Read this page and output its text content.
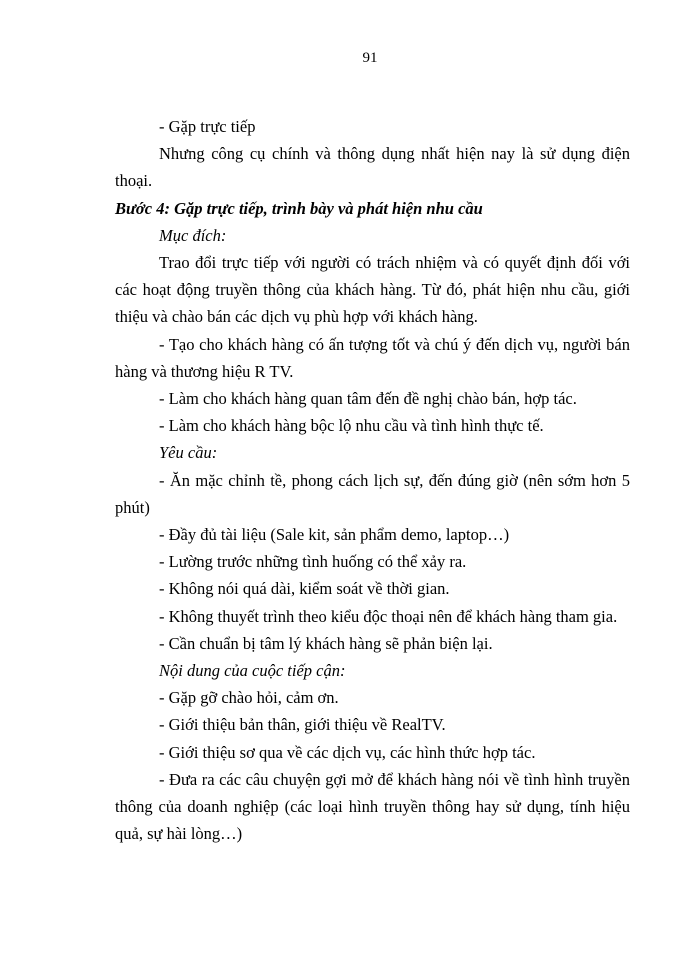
91

- Gặp trực tiếp

Nhưng công cụ chính và thông dụng nhất hiện nay là sử dụng điện thoại.

Bước 4: Gặp trực tiếp, trình bày và phát hiện nhu cầu

Mục đích:

Trao đổi trực tiếp với người có trách nhiệm và có quyết định đối với các hoạt động truyền thông của khách hàng. Từ đó, phát hiện nhu cầu, giới thiệu và chào bán các dịch vụ phù hợp với khách hàng.

- Tạo cho khách hàng có ấn tượng tốt và chú ý đến dịch vụ, người bán hàng và thương hiệu R TV.

- Làm cho khách hàng quan tâm đến đề nghị chào bán, hợp tác.

- Làm cho khách hàng bộc lộ nhu cầu và tình hình thực tế.

Yêu cầu:

- Ăn mặc chỉnh tề, phong cách lịch sự, đến đúng giờ (nên sớm hơn 5 phút)

- Đầy đủ tài liệu (Sale kit, sản phẩm demo, laptop…)

- Lường trước những tình huống có thể xảy ra.

- Không nói quá dài, kiểm soát về thời gian.

- Không thuyết trình theo kiểu độc thoại nên để khách hàng tham gia.

- Cần chuẩn bị tâm lý khách hàng sẽ phản biện lại.

Nội dung của cuộc tiếp cận:

- Gặp gỡ chào hỏi, cảm ơn.

- Giới thiệu bản thân, giới thiệu về RealTV.

- Giới thiệu sơ qua về các dịch vụ, các hình thức hợp tác.

- Đưa ra các câu chuyện gợi mở để khách hàng nói về tình hình truyền thông của doanh nghiệp (các loại hình truyền thông hay sử dụng, tính hiệu quả, sự hài lòng…)
